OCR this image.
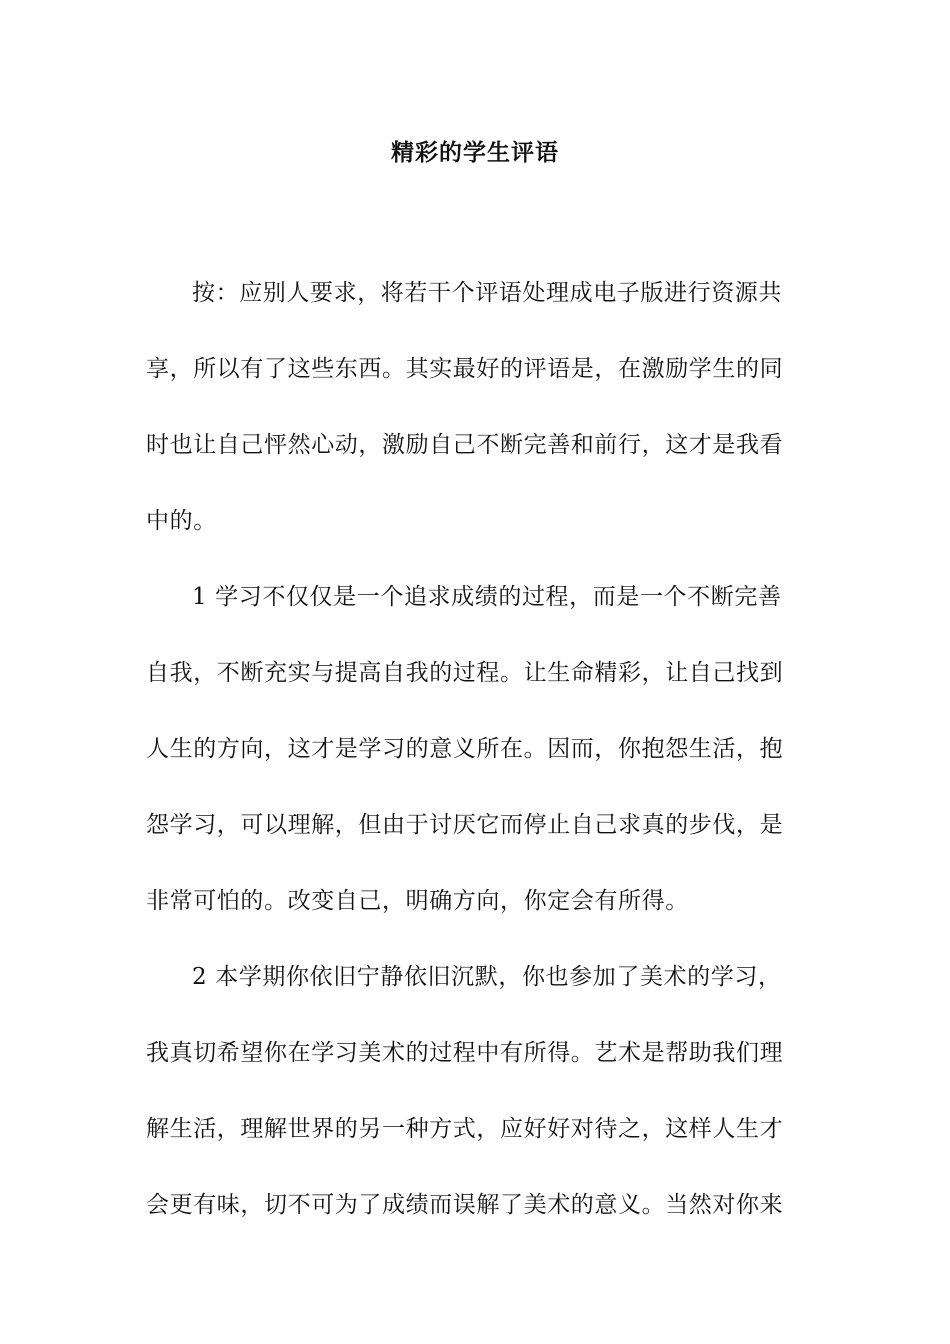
精彩的学生评语
按：应别人要求，将若干个评语处理成电子版进行资源共
享，所以有了这些东西。其实最好的评语是，在激励学生的同
时也让自己怦然心动，激励自己不断完善和前行，这才是我看
中的。
1 学习不仅仅是一个追求成绩的过程，而是一个不断完善
自我，不断充实与提高自我的过程。让生命精彩，让自己找到
人生的方向，这才是学习的意义所在。因而，你抱怨生活，抱
怨学习，可以理解，但由于讨厌它而停止自己求真的步伐，是
非常可怕的。改变自己，明确方向，你定会有所得。
2 本学期你依旧宁静依旧沉默，你也参加了美术的学习，
我真切希望你在学习美术的过程中有所得。艺术是帮助我们理
解生活，理解世界的另一种方式，应好好对待之，这样人生才
会更有味，切不可为了成绩而误解了美术的意义。当然对你来
